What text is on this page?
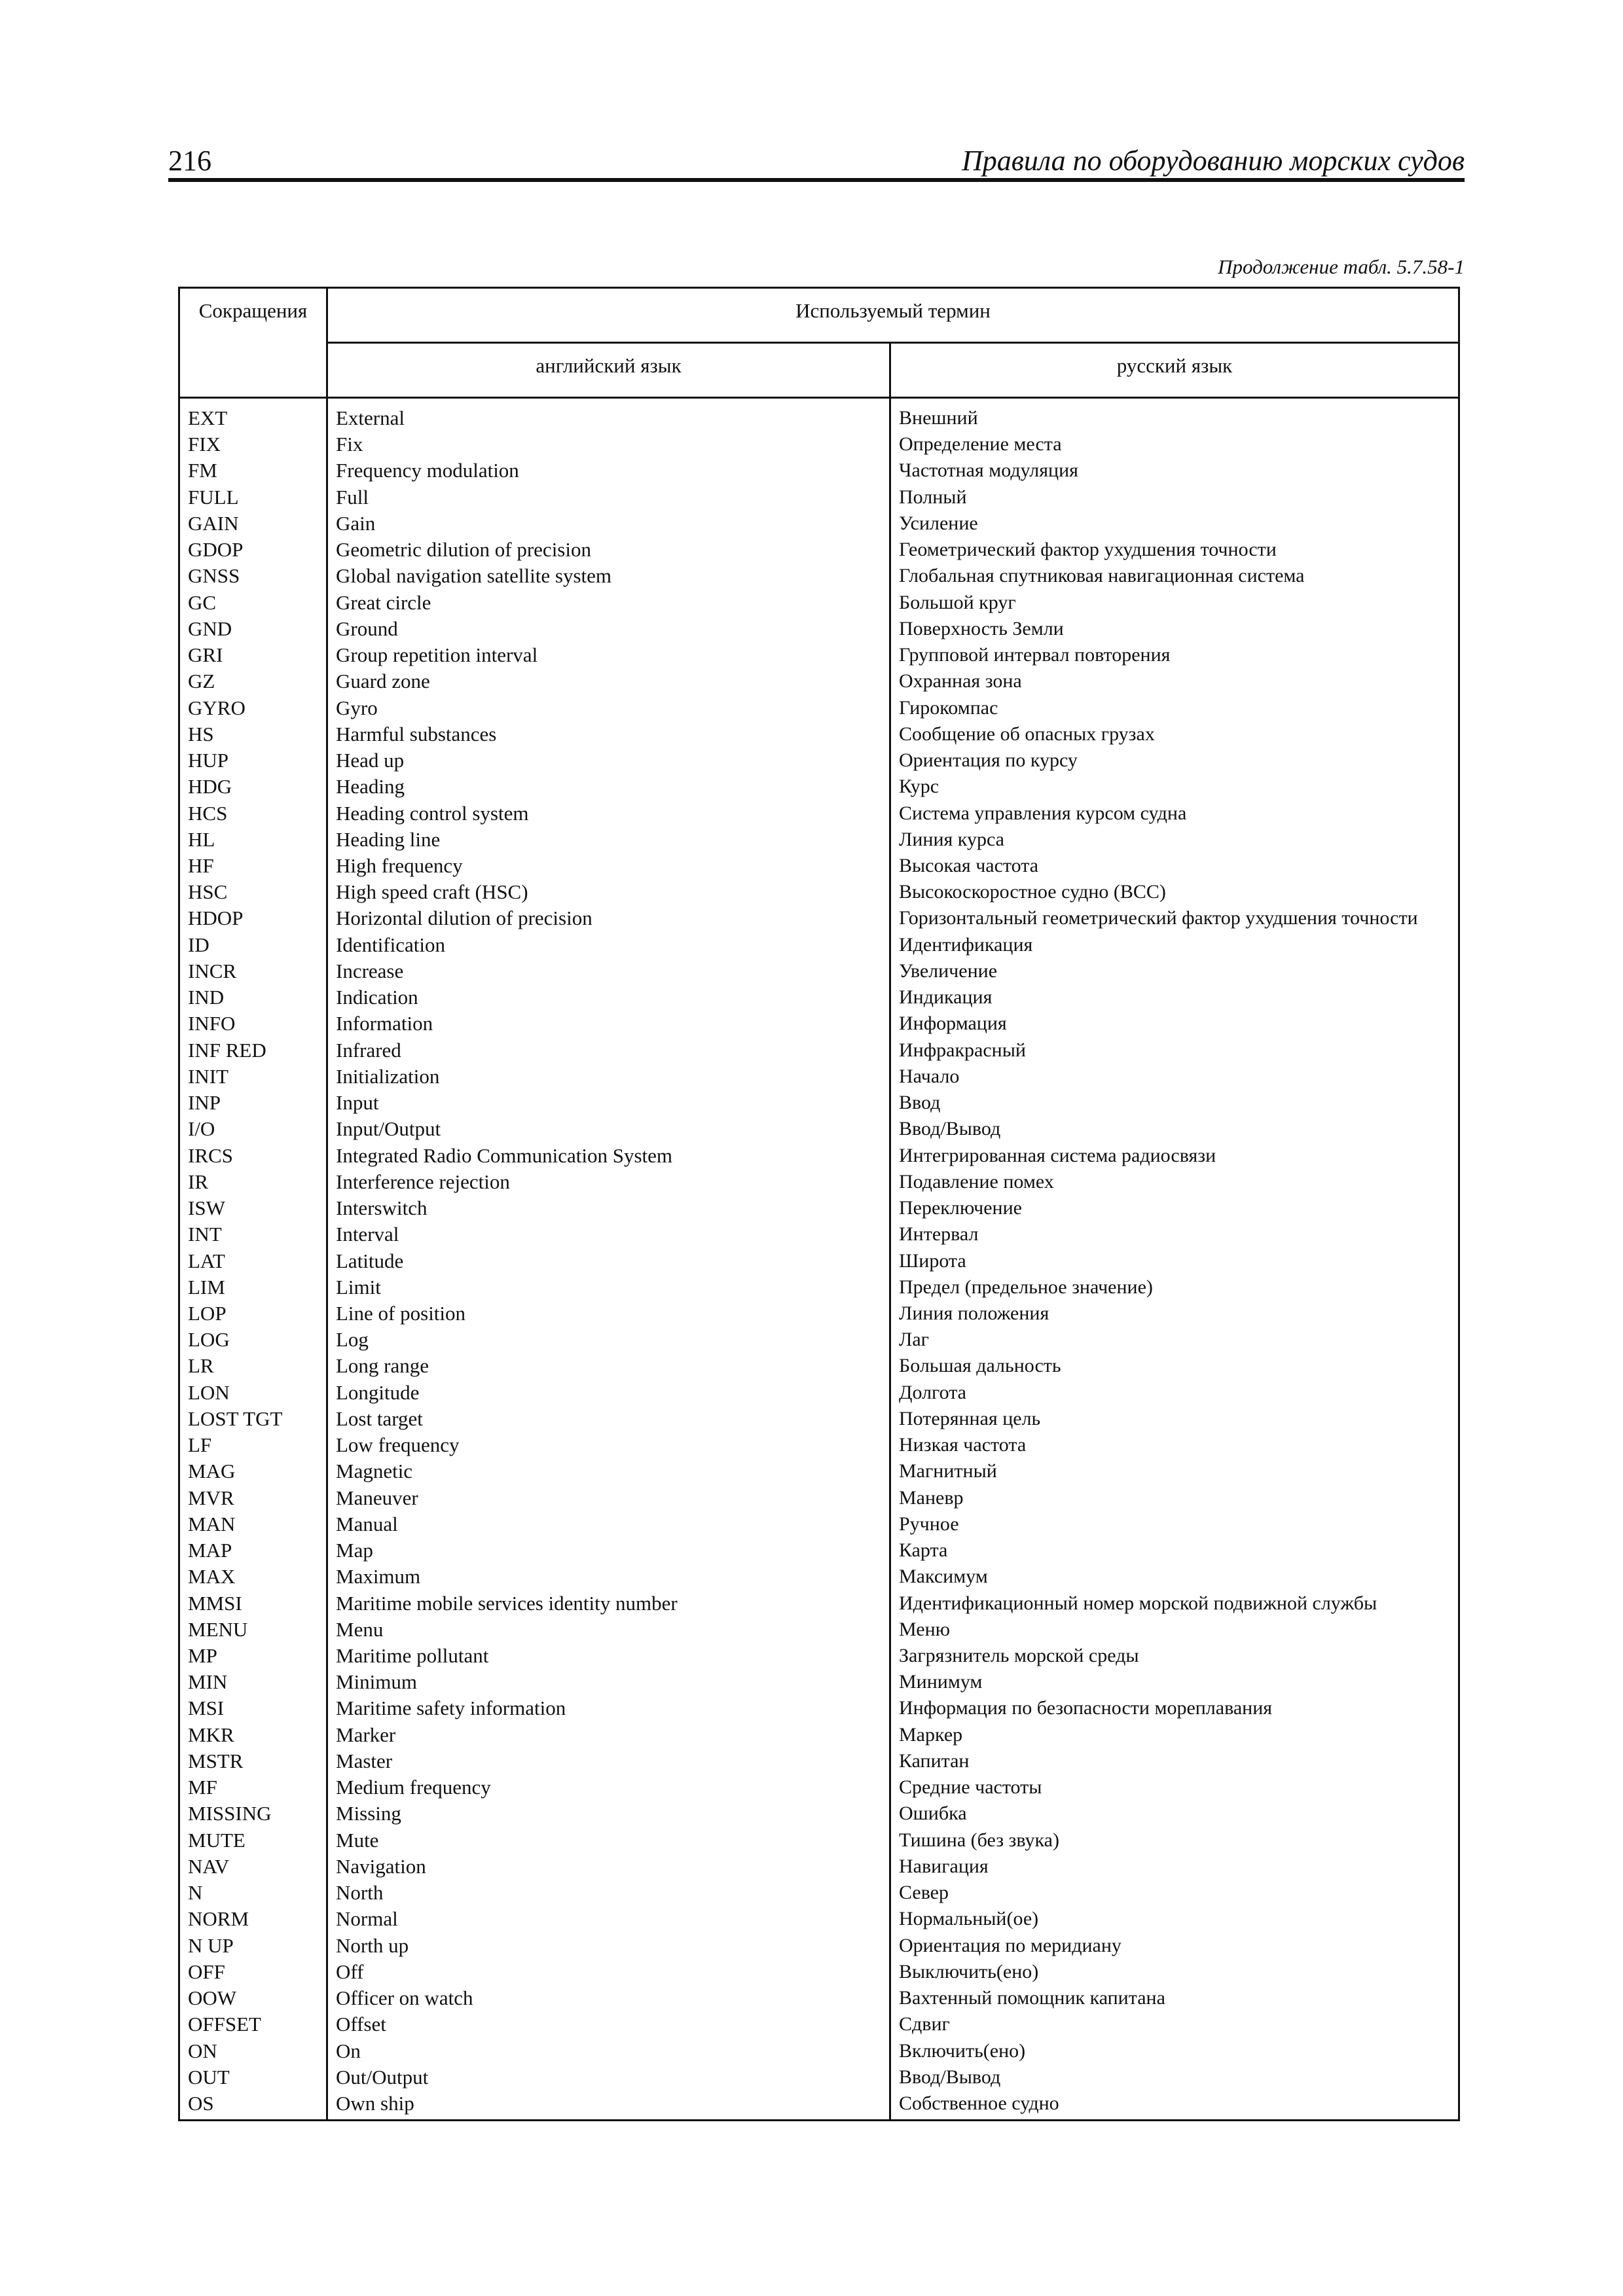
216	Правила по оборудованию морских судов
Продолжение табл. 5.7.58-1
Сокращения	Используемый термин	
	английский язык	русский язык
EXT	External	Внешний
FIX	Fix	Определение места
FM	Frequency modulation	Частотная модуляция
FULL	Full	Полный
GAIN	Gain	Усиление
GDOP	Geometric dilution of precision	Геометрический фактор ухудшения точности
GNSS	Global navigation satellite system	Глобальная спутниковая навигационная система
GC	Great circle	Большой круг
GND	Ground	Поверхность Земли
GRI	Group repetition interval	Групповой интервал повторения
GZ	Guard zone	Охранная зона
GYRO	Gyro	Гирокомпас
HS	Harmful substances	Сообщение об опасных грузах
HUP	Head up	Ориентация по курсу
HDG	Heading	Курс
HCS	Heading control system	Система управления курсом судна
HL	Heading line	Линия курса
HF	High frequency	Высокая частота
HSC	High speed craft (HSC)	Высокоскоростное судно (ВСС)
HDOP	Horizontal dilution of precision	Горизонтальный геометрический фактор ухудшения точности
ID	Identification	Идентификация
INCR	Increase	Увеличение
IND	Indication	Индикация
INFO	Information	Информация
INF RED	Infrared	Инфракрасный
INIT	Initialization	Начало
INP	Input	Ввод
I/O	Input/Output	Ввод/Вывод
IRCS	Integrated Radio Communication System	Интегрированная система радиосвязи
IR	Interference rejection	Подавление помех
ISW	Interswitch	Переключение
INT	Interval	Интервал
LAT	Latitude	Широта
LIM	Limit	Предел (предельное значение)
LOP	Line of position	Линия положения
LOG	Log	Лаг
LR	Long range	Большая дальность
LON	Longitude	Долгота
LOST TGT	Lost target	Потерянная цель
LF	Low frequency	Низкая частота
MAG	Magnetic	Магнитный
MVR	Maneuver	Маневр
MAN	Manual	Ручное
MAP	Map	Карта
MAX	Maximum	Максимум
MMSI	Maritime mobile services identity number	Идентификационный номер морской подвижной службы
MENU	Menu	Меню
MP	Maritime pollutant	Загрязнитель морской среды
MIN	Minimum	Минимум
MSI	Maritime safety information	Информация по безопасности мореплавания
MKR	Marker	Маркер
MSTR	Master	Капитан
MF	Medium frequency	Средние частоты
MISSING	Missing	Ошибка
MUTE	Mute	Тишина (без звука)
NAV	Navigation	Навигация
N	North	Север
NORM	Normal	Нормальный(ое)
N UP	North up	Ориентация по меридиану
OFF	Off	Выключить(ено)
OOW	Officer on watch	Вахтенный помощник капитана
OFFSET	Offset	Сдвиг
ON	On	Включить(ено)
OUT	Out/Output	Ввод/Вывод
OS	Own ship	Собственное судно
